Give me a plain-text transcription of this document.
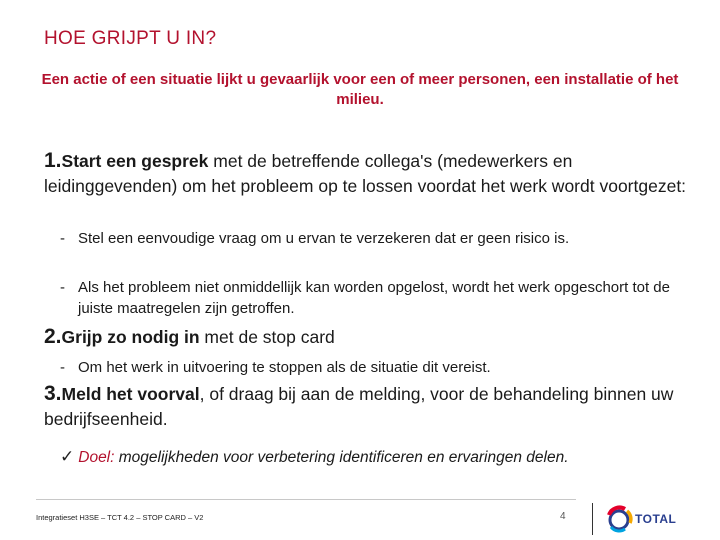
HOE GRIJPT U IN?
Een actie of een situatie lijkt u gevaarlijk voor een of meer personen, een installatie of het milieu.
1.Start een gesprek met de betreffende collega's (medewerkers en leidinggevenden) om het probleem op te lossen voordat het werk wordt voortgezet:
- Stel een eenvoudige vraag om u ervan te verzekeren dat er geen risico is.
- Als het probleem niet onmiddellijk kan worden opgelost, wordt het werk opgeschort tot de juiste maatregelen zijn getroffen.
2.Grijp zo nodig in met de stop card
- Om het werk in uitvoering te stoppen als de situatie dit vereist.
3.Meld het voorval, of draag bij aan de melding, voor de behandeling binnen uw bedrijfseenheid.
✓ Doel: mogelijkheden voor verbetering identificeren en ervaringen delen.
Integratieset H3SE – TCT 4.2 – STOP CARD – V2	4	TOTAL
